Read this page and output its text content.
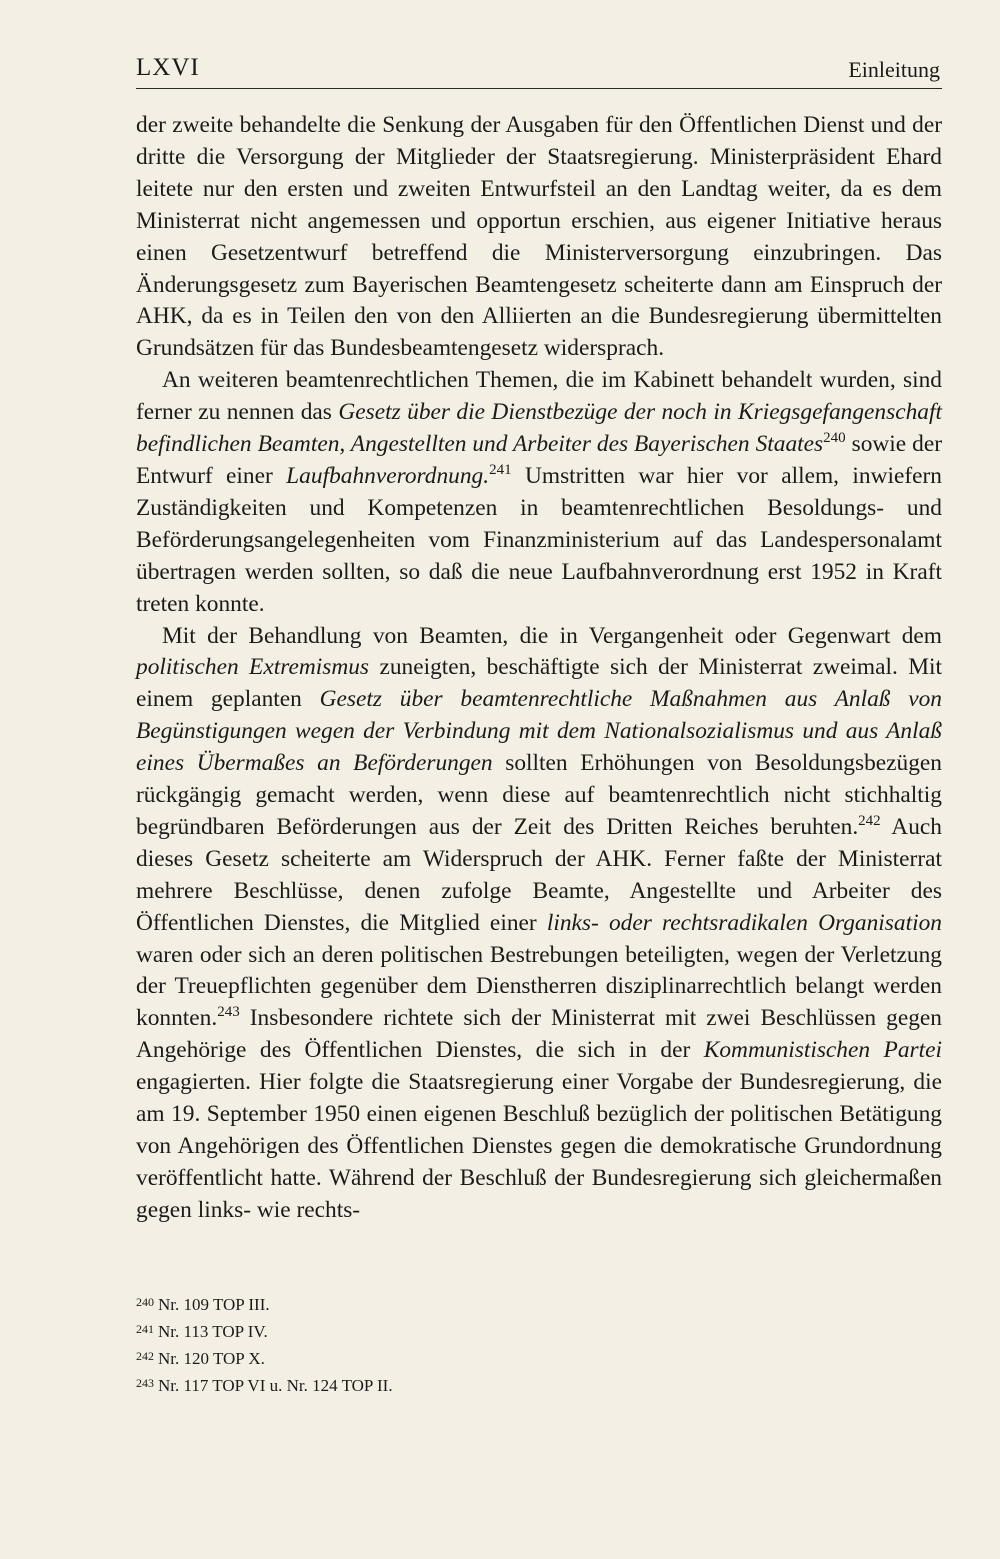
LXVI	Einleitung

der zweite behandelte die Senkung der Ausgaben für den Öffentlichen Dienst und der dritte die Versorgung der Mitglieder der Staatsregierung. Ministerpräsident Ehard leitete nur den ersten und zweiten Entwurfsteil an den Landtag weiter, da es dem Ministerrat nicht angemessen und opportun erschien, aus eigener Initiative heraus einen Gesetzentwurf betreffend die Ministerversorgung einzubringen. Das Änderungsgesetz zum Bayerischen Beamtengesetz scheiterte dann am Einspruch der AHK, da es in Teilen den von den Alliierten an die Bundesregierung übermittelten Grundsätzen für das Bundesbeamtengesetz widersprach.

An weiteren beamtenrechtlichen Themen, die im Kabinett behandelt wurden, sind ferner zu nennen das Gesetz über die Dienstbezüge der noch in Kriegsgefangenschaft befindlichen Beamten, Angestellten und Arbeiter des Bayerischen Staates$^{240}$ sowie der Entwurf einer Laufbahnverordnung.$^{241}$ Umstritten war hier vor allem, inwiefern Zuständigkeiten und Kompetenzen in beamtenrechtlichen Besoldungs- und Beförderungsangelegenheiten vom Finanzministerium auf das Landespersonalamt übertragen werden sollten, so daß die neue Laufbahnverordnung erst 1952 in Kraft treten konnte.

Mit der Behandlung von Beamten, die in Vergangenheit oder Gegenwart dem politischen Extremismus zuneigten, beschäftigte sich der Ministerrat zweimal. Mit einem geplanten Gesetz über beamtenrechtliche Maßnahmen aus Anlaß von Begünstigungen wegen der Verbindung mit dem Nationalsozialismus und aus Anlaß eines Übermaßes an Beförderungen sollten Erhöhungen von Besoldungsbezügen rückgängig gemacht werden, wenn diese auf beamtenrechtlich nicht stichhaltig begründbaren Beförderungen aus der Zeit des Dritten Reiches beruhten.$^{242}$ Auch dieses Gesetz scheiterte am Widerspruch der AHK. Ferner faßte der Ministerrat mehrere Beschlüsse, denen zufolge Beamte, Angestellte und Arbeiter des Öffentlichen Dienstes, die Mitglied einer links- oder rechtsradikalen Organisation waren oder sich an deren politischen Bestrebungen beteiligten, wegen der Verletzung der Treuepflichten gegenüber dem Dienstherren disziplinarrechtlich belangt werden konnten.$^{243}$ Insbesondere richtete sich der Ministerrat mit zwei Beschlüssen gegen Angehörige des Öffentlichen Dienstes, die sich in der Kommunistischen Partei engagierten. Hier folgte die Staatsregierung einer Vorgabe der Bundesregierung, die am 19. September 1950 einen eigenen Beschluß bezüglich der politischen Betätigung von Angehörigen des Öffentlichen Dienstes gegen die demokratische Grundordnung veröffentlicht hatte. Während der Beschluß der Bundesregierung sich gleichermaßen gegen links- wie rechts-

$^{240}$ Nr. 109 TOP III.
$^{241}$ Nr. 113 TOP IV.
$^{242}$ Nr. 120 TOP X.
$^{243}$ Nr. 117 TOP VI u. Nr. 124 TOP II.
